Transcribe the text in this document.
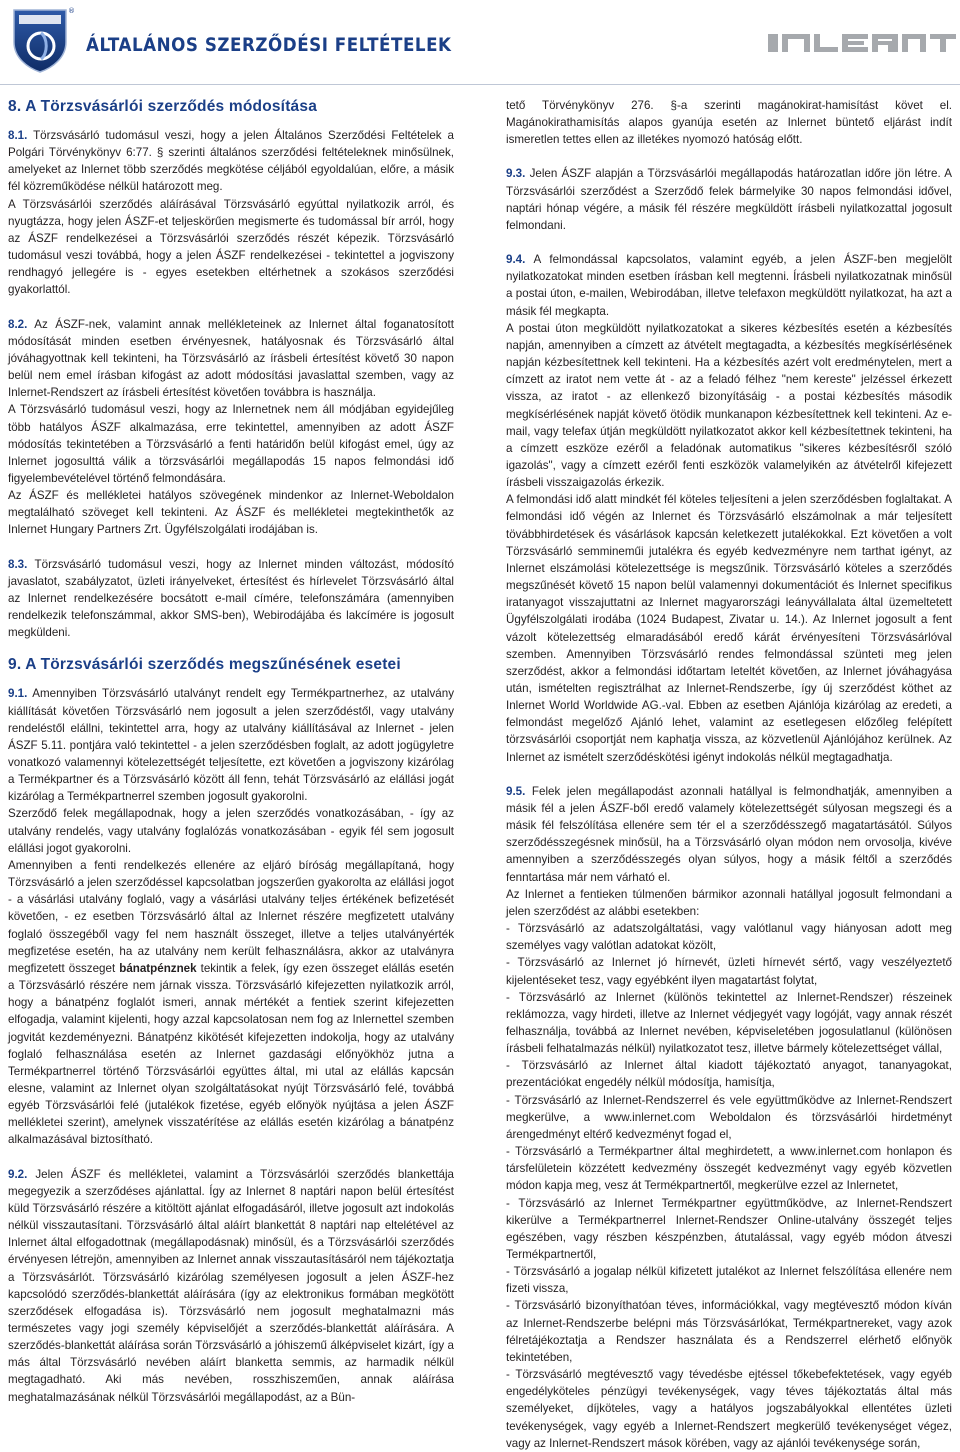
®
ÁLTALÁNOS SZERZŐDÉSI FELTÉTELEK
8. A Törzsvásárlói szerződés módosítása

8.1. Törzsvásárló tudomásul veszi, hogy a jelen Általános Szerződési Feltételek a Polgári Törvénykönyv 6:77. § szerinti általános szerződési feltételeknek minősülnek, amelyeket az Inlernet több szerződés megkötése céljából egyoldalúan, előre, a másik fél közreműködése nélkül határozott meg.

A Törzsvásárlói szerződés aláírásával Törzsvásárló egyúttal nyilatkozik arról, és nyugtázza, hogy jelen ÁSZF-et teljeskörűen megismerte és tudomással bír arról, hogy az ÁSZF rendelkezései a Törzsvásárlói szerződés részét képezik. Törzsvásárló tudomásul veszi továbbá, hogy a jelen ÁSZF rendelkezései - tekintettel a jogviszony rendhagyó jellegére is - egyes esetekben eltérhetnek a szokásos szerződési gyakorlattól.

8.2. Az ÁSZF-nek, valamint annak mellékleteinek az Inlernet által foganatosított módosítását minden esetben érvényesnek, hatályosnak és Törzsvásárló által jóváhagyottnak kell tekinteni, ha Törzsvásárló az írásbeli értesítést követő 30 napon belül nem emel írásban kifogást az adott módosítási javaslattal szemben, vagy az Inlernet-Rendszert az írásbeli értesítést követően továbbra is használja.

A Törzsvásárló tudomásul veszi, hogy az Inlernetnek nem áll módjában egyidejűleg több hatályos ÁSZF alkalmazása, erre tekintettel, amennyiben az adott ÁSZF módosítás tekintetében a Törzsvásárló a fenti határidőn belül kifogást emel, úgy az Inlernet jogosulttá válik a törzsvásárlói megállapodás 15 napos felmondási idő figyelembevételével történő felmondására.

Az ÁSZF és mellékletei hatályos szövegének mindenkor az Inlernet-Weboldalon megtalálható szöveget kell tekinteni. Az ÁSZF és mellékletei megtekinthetők az Inlernet Hungary Partners Zrt. Ügyfélszolgálati irodájában is.

8.3. Törzsvásárló tudomásul veszi, hogy az Inlernet minden változást, módosító javaslatot, szabályzatot, üzleti irányelveket, értesítést és hírlevelet Törzsvásárló által az Inlernet rendelkezésére bocsátott e-mail címére, telefonszámára (amennyiben rendelkezik telefonszámmal, akkor SMS-ben), Webirodájába és lakcímére is jogosult megküldeni.

9. A Törzsvásárlói szerződés megszűnésének esetei

9.1. Amennyiben Törzsvásárló utalványt rendelt egy Termékpartnerhez, az utalvány kiállítását követően Törzsvásárló nem jogosult a jelen szerződéstől, vagy utalvány rendeléstől elállni, tekintettel arra, hogy az utalvány kiállításával az Inlernet - jelen ÁSZF 5.11. pontjára való tekintettel - a jelen szerződésben foglalt, az adott jogügyletre vonatkozó valamennyi kötelezettségét teljesítette, ezt követően a jogviszony kizárólag a Termékpartner és a Törzsvásárló között áll fenn, tehát Törzsvásárló az elállási jogát kizárólag a Termékpartnerrel szemben jogosult gyakorolni.

Szerződő felek megállapodnak, hogy a jelen szerződés vonatkozásában, - így az utalvány rendelés, vagy utalvány foglalózás vonatkozásában - egyik fél sem jogosult elállási jogot gyakorolni.

Amennyiben a fenti rendelkezés ellenére az eljáró bíróság megállapítaná, hogy Törzsvásárló a jelen szerződéssel kapcsolatban jogszerűen gyakorolta az elállási jogot - a vásárlási utalvány foglaló, vagy a vásárlási utalvány teljes értékének befizetését követően, - ez esetben Törzsvásárló által az Inlernet részére megfizetett utalvány foglaló összegéből vagy fel nem használt összeget, illetve a teljes utalványérték megfizetése esetén, ha az utalvány nem került felhasználásra, akkor az utalványra megfizetett összeget bánatpénznek tekintik a felek, így ezen összeget elállás esetén a Törzsvásárló részére nem járnak vissza. Törzsvásárló kifejezetten nyilatkozik arról, hogy a bánatpénz foglalót ismeri, annak mértékét a fentiek szerint kifejezetten elfogadja, valamint kijelenti, hogy azzal kapcsolatosan nem fog az Inlernettel szemben jogvitát kezdeményezni. Bánatpénz kikötését kifejezetten indokolja, hogy az utalvány foglaló felhasználása esetén az Inlernet gazdasági előnyökhöz jutna a Termékpartnerrel történő Törzsvásárlói együttes által, mi utal az elállás kapcsán elesne, valamint az Inlernet olyan szolgáltatásokat nyújt Törzsvásárló felé, továbbá egyéb Törzsvásárlói felé (jutalékok fizetése, egyéb előnyök nyújtása a jelen ÁSZF mellékletei szerint), amelynek visszatérítése az elállás esetén kizárólag a bánatpénz alkalmazásával biztosítható.

9.2. Jelen ÁSZF és mellékletei, valamint a Törzsvásárlói szerződés blankettája megegyezik a szerződéses ajánlattal. Így az Inlernet 8 naptári napon belül értesítést küld Törzsvásárló részére a kitöltött ajánlat elfogadásáról, illetve jogosult azt indokolás nélkül visszautasítani. Törzsvásárló által aláírt blankettát 8 naptári nap eltelétével az Inlernet által elfogadottnak (megállapodásnak) minősül, és a Törzsvásárlói szerződés érvényesen létrejön, amennyiben az Inlernet annak visszautasításáról nem tájékoztatja a Törzsvásárlót. Törzsvásárló kizárólag személyesen jogosult a jelen ÁSZF-hez kapcsolódó szerződés-blankettát aláírására (így az elektronikus formában megkötött szerződések elfogadása is). Törzsvásárló nem jogosult meghatalmazni más természetes vagy jogi személy képviselőjét a szerződés-blankettát aláírására. A szerződés-blankettát aláírása során Törzsvásárló a jóhiszemű álképviselet kizárt, így a más által Törzsvásárló nevében aláírt blanketta semmis, az harmadik nélkül megtagadható. Aki más nevében, rosszhiszeműen, annak aláírása meghatalmazásának nélkül Törzsvásárlói megállapodást, az a Bün-

tető Törvénykönyv 276. §-a szerinti magánokirat-hamisítást követ el. Magánokirathamisítás alapos gyanúja esetén az Inlernet büntető eljárást indít ismeretlen tettes ellen az illetékes nyomozó hatóság előtt.

9.3. Jelen ÁSZF alapján a Törzsvásárlói megállapodás határozatlan időre jön létre. A Törzsvásárlói szerződést a Szerződő felek bármelyike 30 napos felmondási idővel, naptári hónap végére, a másik fél részére megküldött írásbeli nyilatkozattal jogosult felmondani.

9.4. A felmondással kapcsolatos, valamint egyéb, a jelen ÁSZF-ben megjelölt nyilatkozatokat minden esetben írásban kell megtenni. Írásbeli nyilatkozatnak minősül a postai úton, e-mailen, Webirodában, illetve telefaxon megküldött nyilatkozat, ha azt a másik fél megkapta.

A postai úton megküldött nyilatkozatokat a sikeres kézbesítés esetén a kézbesítés napján, amennyiben a címzett az átvételt megtagadta, a kézbesítés megkísérlésének napján kézbesítettnek kell tekinteni. Ha a kézbesítés azért volt eredménytelen, mert a címzett az iratot nem vette át - az a feladó félhez "nem kereste" jelzéssel érkezett vissza, az iratot - az ellenkező bizonyításáig - a postai kézbesítés második megkísérlésének napját követő ötödik munkanapon kézbesítettnek kell tekinteni. Az e-mail, vagy telefax útján megküldött nyilatkozatot akkor kell kézbesítettnek tekinteni, ha a címzett eszköze ezéről a feladónak automatikus "sikeres kézbesítésről szóló igazolás", vagy a címzett ezéről fenti eszközök valamelyikén az átvételről kifejezett írásbeli visszaigazolás érkezik.

A felmondási idő alatt mindkét fél köteles teljesíteni a jelen szerződésben foglaltakat. A felmondási idő végén az Inlernet és Törzsvásárló elszámolnak a már teljesített tövábbhirdetések és vásárlások kapcsán keletkezett jutalékokkal. Ezt követően a volt Törzsvásárló semmineműi jutalékra és egyéb kedvezményre nem tarthat igényt, az Inlernet elszámolási kötelezettsége is megszűnik. Törzsvásárló köteles a szerződés megszűnését követő 15 napon belül valamennyi dokumentációt és Inlernet specifikus iratanyagot visszajuttatni az Inlernet magyarországi leányvállalata által üzemeltetett Ügyfélszolgálati irodába (1024 Budapest, Zivatar u. 14.). Az Inlernet jogosult a fent vázolt kötelezettség elmaradásából eredő kárát érvényesíteni Törzsvásárlóval szemben. Amennyiben Törzsvásárló rendes felmondással szünteti meg jelen szerződést, akkor a felmondási időtartam leteltét követően, az Inlernet jóváhagyása után, ismételten regisztrálhat az Inlernet-Rendszerbe, így új szerződést köthet az Inlernet World Worldwide AG.-val. Ebben az esetben Ajánlója kizárólag az eredeti, a felmondást megelőző Ajánló lehet, valamint az esetlegesen előzőleg felépített törzsvásárlói csoportját nem kaphatja vissza, az közvetlenül Ajánlójához kerülnek. Az Inlernet az ismételt szerződéskötési igényt indokolás nélkül megtagadhatja.

9.5. Felek jelen megállapodást azonnali hatállyal is felmondhatják, amennyiben a másik fél a jelen ÁSZF-ből eredő valamely kötelezettségét súlyosan megszegi és a másik fél felszólítása ellenére sem tér el a szerződésszegő magatartásától. Súlyos szerződésszegésnek minősül, ha a Törzsvásárló olyan módon nem orvosolja, kivéve amennyiben a szerződésszegés olyan súlyos, hogy a másik féltől a szerződés fenntartása már nem várható el.

Az Inlernet a fentieken túlmenően bármikor azonnali hatállyal jogosult felmondani a jelen szerződést az alábbi esetekben:

- Törzsvásárló az adatszolgáltatási, vagy valótlanul vagy hiányosan adott meg személyes vagy valótlan adatokat közölt,

- Törzsvásárló az Inlernet jó hírnevét, üzleti hírnevét sértő, vagy veszélyeztető kijelentéseket tesz, vagy egyébként ilyen magatartást folytat,

- Törzsvásárló az Inlernet (különös tekintettel az Inlernet-Rendszer) részeinek reklámozza, vagy hirdeti, illetve az Inlernet védjegyét vagy logóját, vagy annak részét felhasználja, továbbá az Inlernet nevében, képviseletében jogosulatlanul (különösen írásbeli felhatalmazás nélkül) nyilatkozatot tesz, illetve bármely kötelezettséget vállal,

- Törzsvásárló az Inlernet által kiadott tájékoztató anyagot, tananyagokat, prezentációkat engedély nélkül módosítja, hamisítja,

- Törzsvásárló az Inlernet-Rendszerrel és vele együttműködve az Inlernet-Rendszert megkerülve, a www.inlernet.com Weboldalon és törzsvásárlói hirdetményt árengedményt eltérő kedvezményt fogad el,

- Törzsvásárló a Termékpartner által meghirdetett, a www.inlernet.com honlapon és társfelületein közzétett kedvezmény összegét kedvezményt vagy egyéb közvetlen módon kapja meg, vesz át Termékpartnertől, megkerülve ezzel az Inlernetet,

- Törzsvásárló az Inlernet Termékpartner együttműködve, az Inlernet-Rendszert kikerülve a Termékpartnerrel Inlernet-Rendszer Online-utalvány összegét teljes egészében, vagy részben készpénzben, átutalással, vagy egyéb módon átveszi Termékpartnertől,

- Törzsvásárló a jogalap nélkül kifizetett jutalékot az Inlernet felszólítása ellenére nem fizeti vissza,

- Törzsvásárló bizonyíthatóan téves, információkkal, vagy megtévesztő módon kíván az Inlernet-Rendszerbe belépni más Törzsvásárlókat, Termékpartnereket, vagy azok félretájékoztatja a Rendszer használata és a Rendszerrel elérhető előnyök tekintetében,

- Törzsvásárló megtévesztő vagy tévedésbe ejtéssel tőkebefektetések, vagy egyéb engedélyköteles pénzügyi tevékenységek, vagy téves tájékoztatás által más személyeket, díjköteles, vagy a hatályos jogszabályokkal ellentétes üzleti tevékenységek, vagy egyéb a Inlernet-Rendszert megkerülő tevékenységet végez, vagy az Inlernet-Rendszert mások körében, vagy az ajánlói tevékenysége során,
